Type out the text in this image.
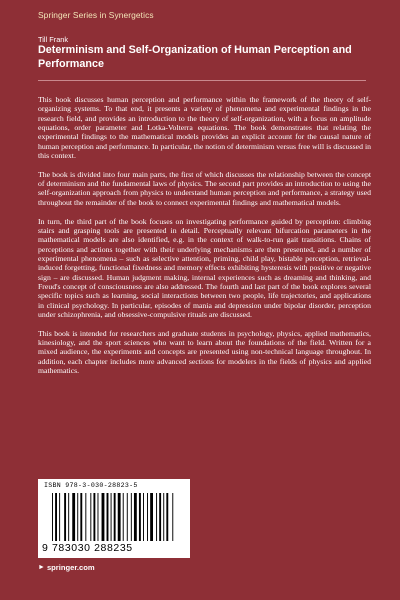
Springer Series in Synergetics
Till Frank
Determinism and Self-Organization of Human Perception and Performance

This book discusses human perception and performance within the framework of the theory of self-organizing systems. To that end, it presents a variety of phenomena and experimental findings in the research field, and provides an introduction to the theory of self-organization, with a focus on amplitude equations, order parameter and Lotka-Volterra equations. The book demonstrates that relating the experimental findings to the mathematical models provides an explicit account for the causal nature of human perception and performance. In particular, the notion of determinism versus free will is discussed in this context.

The book is divided into four main parts, the first of which discusses the relationship between the concept of determinism and the fundamental laws of physics. The second part provides an introduction to using the self-organization approach from physics to understand human perception and performance, a strategy used throughout the remainder of the book to connect experimental findings and mathematical models.

In turn, the third part of the book focuses on investigating performance guided by perception: climbing stairs and grasping tools are presented in detail. Perceptually relevant bifurcation parameters in the mathematical models are also identified, e.g. in the context of walk-to-run gait transitions. Chains of perceptions and actions together with their underlying mechanisms are then presented, and a number of experimental phenomena – such as selective attention, priming, child play, bistable perception, retrieval-induced forgetting, functional fixedness and memory effects exhibiting hysteresis with positive or negative sign – are discussed. Human judgment making, internal experiences such as dreaming and thinking, and Freud's concept of consciousness are also addressed. The fourth and last part of the book explores several specific topics such as learning, social interactions between two people, life trajectories, and applications in clinical psychology. In particular, episodes of mania and depression under bipolar disorder, perception under schizophrenia, and obsessive-compulsive rituals are discussed.

This book is intended for researchers and graduate students in psychology, physics, applied mathematics, kinesiology, and the sport sciences who want to learn about the foundations of the field. Written for a mixed audience, the experiments and concepts are presented using non-technical language throughout. In addition, each chapter includes more advanced sections for modelers in the fields of physics and applied mathematics.

ISBN 978-3-030-28823-5
9 783030 288235
► springer.com
